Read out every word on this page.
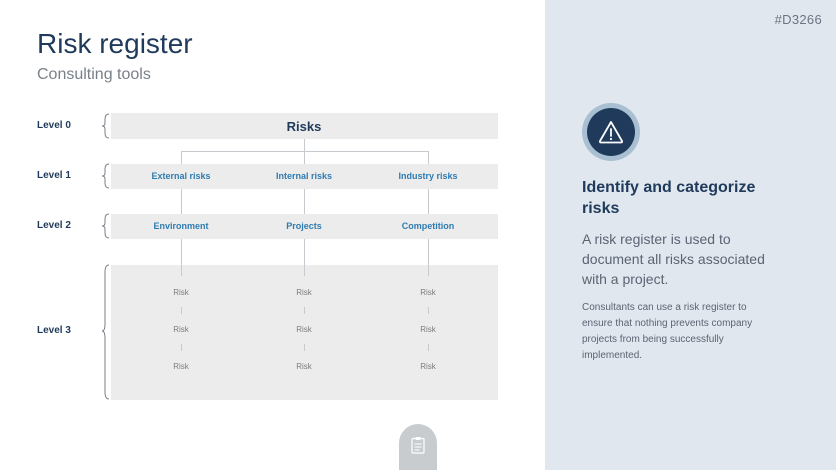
#D3266
Risk register
Consulting tools
Level 0
Level 1
Level 2
Level 3
Risks
External risks	Internal risks	Industry risks
Environment	Projects	Competition
Risk	Risk	Risk
Risk	Risk	Risk
Risk	Risk	Risk
Identify and categorize risks
A risk register is used to document all risks associated with a project.
Consultants can use a risk register to ensure that nothing prevents company projects from being successfully implemented.
